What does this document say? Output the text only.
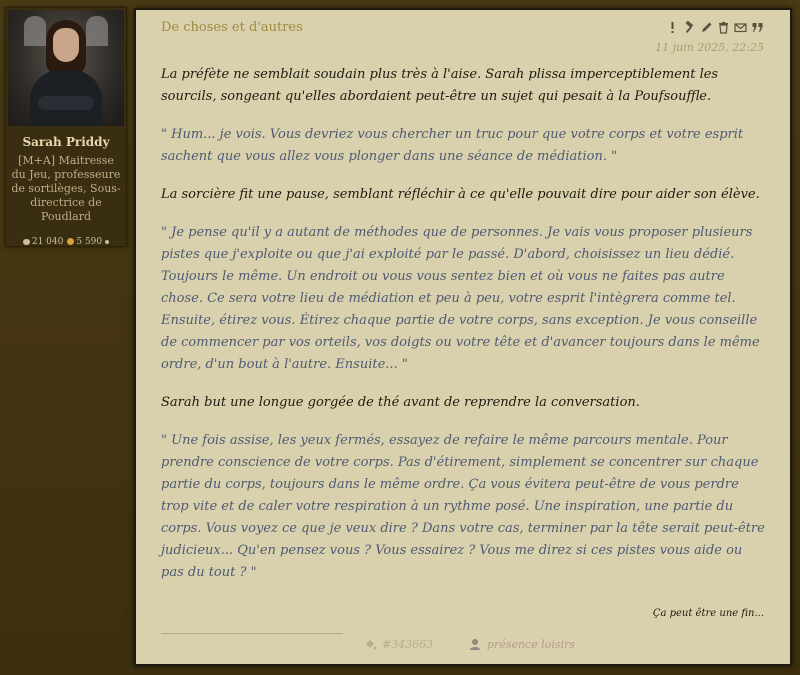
Sarah Priddy
[M+A] Maitresse du Jeu, professeure de sortilèges, Sous-directrice de Poudlard
21 040 5 590
De choses et d'autres
11 juin 2025, 22:25

La préfète ne semblait soudain plus très à l'aise. Sarah plissa imperceptiblement les sourcils, songeant qu'elles abordaient peut-être un sujet qui pesait à la Poufsouffle.

" Hum... je vois. Vous devriez vous chercher un truc pour que votre corps et votre esprit sachent que vous allez vous plonger dans une séance de médiation. "

La sorcière fit une pause, semblant réfléchir à ce qu'elle pouvait dire pour aider son élève.

" Je pense qu'il y a autant de méthodes que de personnes. Je vais vous proposer plusieurs pistes que j'exploite ou que j'ai exploité par le passé. D'abord, choisissez un lieu dédié. Toujours le même. Un endroit ou vous vous sentez bien et où vous ne faites pas autre chose. Ce sera votre lieu de médiation et peu à peu, votre esprit l'intègrera comme tel. Ensuite, étirez vous. Étirez chaque partie de votre corps, sans exception. Je vous conseille de commencer par vos orteils, vos doigts ou votre tête et d'avancer toujours dans le même ordre, d'un bout à l'autre. Ensuite... "

Sarah but une longue gorgée de thé avant de reprendre la conversation.

" Une fois assise, les yeux fermés, essayez de refaire le même parcours mentale. Pour prendre conscience de votre corps. Pas d'étirement, simplement se concentrer sur chaque partie du corps, toujours dans le même ordre. Ça vous évitera peut-être de vous perdre trop vite et de caler votre respiration à un rythme posé. Une inspiration, une partie du corps. Vous voyez ce que je veux dire ? Dans votre cas, terminer par la tête serait peut-être judicieux... Qu'en pensez vous ? Vous essairez ? Vous me direz si ces pistes vous aide ou pas du tout ? "

Ça peut être une fin...
#343663	présence loisirs
